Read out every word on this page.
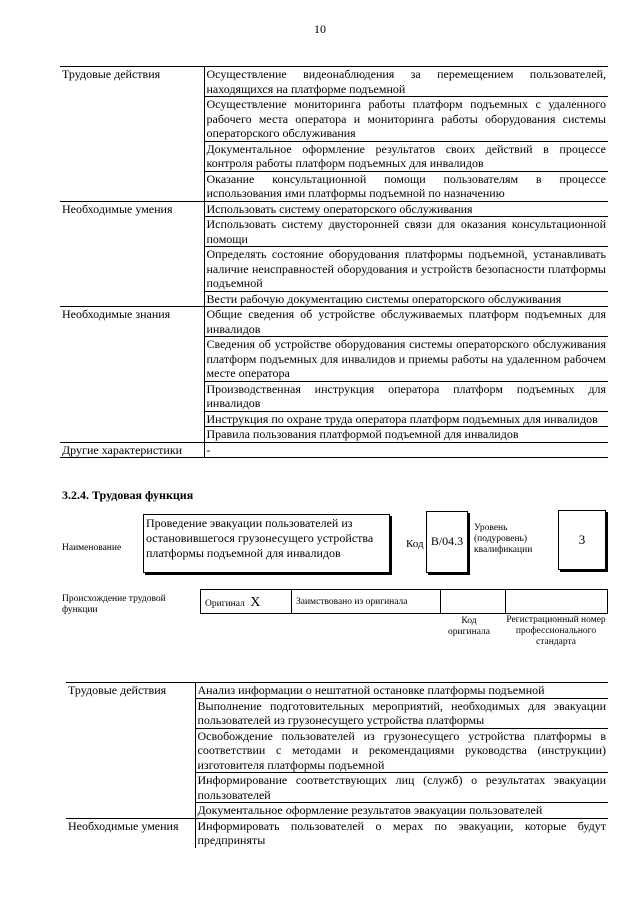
10
Трудовые действия	Осуществление видеонаблюдения за перемещением пользователей, находящихся на платформе подъемной
	Осуществление мониторинга работы платформ подъемных с удаленного рабочего места оператора и мониторинга работы оборудования системы операторского обслуживания
	Документальное оформление результатов своих действий в процессе контроля работы платформ подъемных для инвалидов
	Оказание консультационной помощи пользователям в процессе использования ими платформы подъемной по назначению
Необходимые умения	Использовать систему операторского обслуживания
	Использовать систему двусторонней связи для оказания консультационной помощи
	Определять состояние оборудования платформы подъемной, устанавливать наличие неисправностей оборудования и устройств безопасности платформы подъемной
	Вести рабочую документацию системы операторского обслуживания
Необходимые знания	Общие сведения об устройстве обслуживаемых платформ подъемных для инвалидов
	Сведения об устройстве оборудования системы операторского обслуживания платформ подъемных для инвалидов и приемы работы на удаленном рабочем месте оператора
	Производственная инструкция оператора платформ подъемных для инвалидов
	Инструкция по охране труда оператора платформ подъемных для инвалидов
	Правила пользования платформой подъемной для инвалидов
Другие характеристики	-
3.2.4. Трудовая функция
Наименование
Проведение эвакуации пользователей из остановившегося грузонесущего устройства платформы подъемной для инвалидов
Код В/04.3
Уровень (подуровень) квалификации
3
Происхождение трудовой функции
Оригинал X	Заимствовано из оригинала
Код оригинала
Регистрационный номер профессионального стандарта
Трудовые действия	Анализ информации о нештатной остановке платформы подъемной
	Выполнение подготовительных мероприятий, необходимых для эвакуации пользователей из грузонесущего устройства платформы
	Освобождение пользователей из грузонесущего устройства платформы в соответствии с методами и рекомендациями руководства (инструкции) изготовителя платформы подъемной
	Информирование соответствующих лиц (служб) о результатах эвакуации пользователей
	Документальное оформление результатов эвакуации пользователей
Необходимые умения	Информировать пользователей о мерах по эвакуации, которые будут предприняты
